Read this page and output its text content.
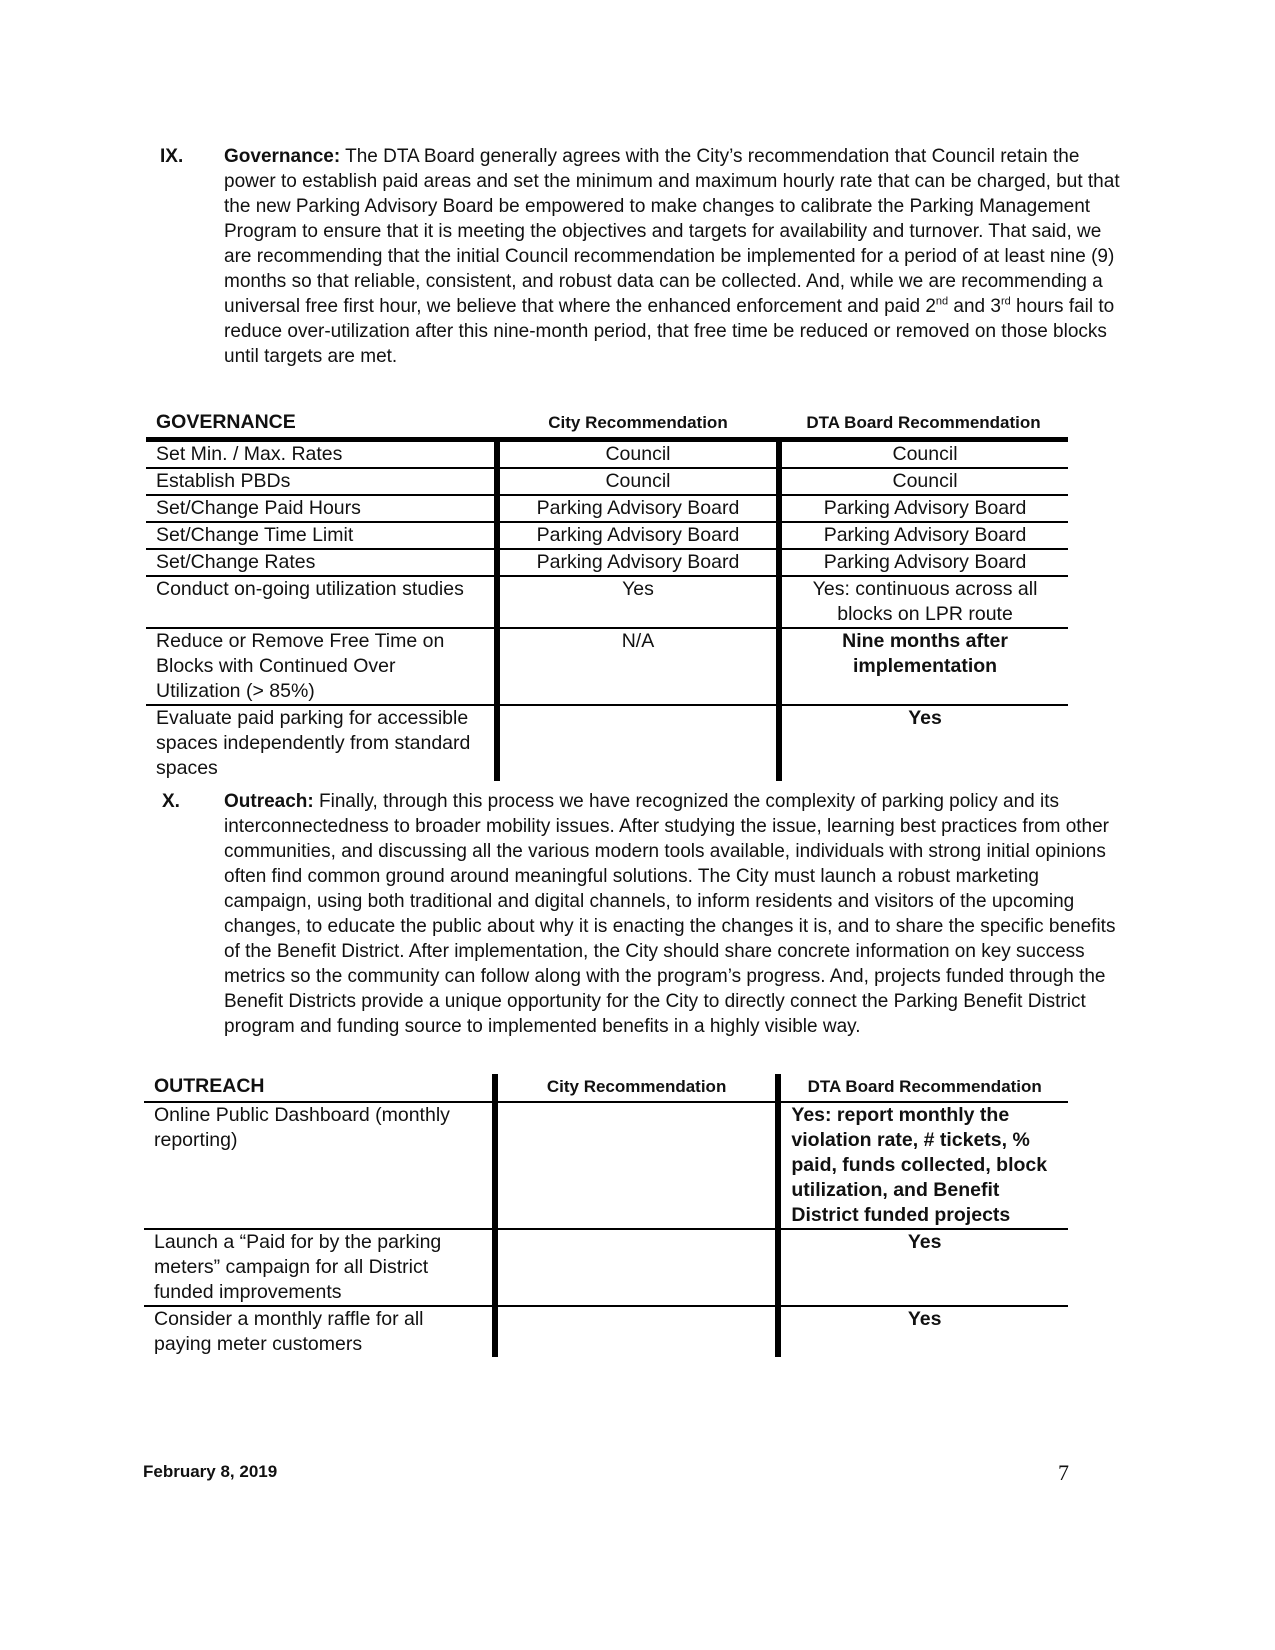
IX. Governance: The DTA Board generally agrees with the City’s recommendation that Council retain the power to establish paid areas and set the minimum and maximum hourly rate that can be charged, but that the new Parking Advisory Board be empowered to make changes to calibrate the Parking Management Program to ensure that it is meeting the objectives and targets for availability and turnover. That said, we are recommending that the initial Council recommendation be implemented for a period of at least nine (9) months so that reliable, consistent, and robust data can be collected. And, while we are recommending a universal free first hour, we believe that where the enhanced enforcement and paid 2nd and 3rd hours fail to reduce over-utilization after this nine-month period, that free time be reduced or removed on those blocks until targets are met.
GOVERNANCE	City Recommendation	DTA Board Recommendation
Set Min. / Max. Rates	Council	Council
Establish PBDs	Council	Council
Set/Change Paid Hours	Parking Advisory Board	Parking Advisory Board
Set/Change Time Limit	Parking Advisory Board	Parking Advisory Board
Set/Change Rates	Parking Advisory Board	Parking Advisory Board
Conduct on-going utilization studies	Yes	Yes: continuous across all blocks on LPR route
Reduce or Remove Free Time on Blocks with Continued Over Utilization (> 85%)	N/A	Nine months after implementation
Evaluate paid parking for accessible spaces independently from standard spaces		Yes
X. Outreach: Finally, through this process we have recognized the complexity of parking policy and its interconnectedness to broader mobility issues. After studying the issue, learning best practices from other communities, and discussing all the various modern tools available, individuals with strong initial opinions often find common ground around meaningful solutions. The City must launch a robust marketing campaign, using both traditional and digital channels, to inform residents and visitors of the upcoming changes, to educate the public about why it is enacting the changes it is, and to share the specific benefits of the Benefit District. After implementation, the City should share concrete information on key success metrics so the community can follow along with the program’s progress. And, projects funded through the Benefit Districts provide a unique opportunity for the City to directly connect the Parking Benefit District program and funding source to implemented benefits in a highly visible way.
OUTREACH	City Recommendation	DTA Board Recommendation
Online Public Dashboard (monthly reporting)		Yes: report monthly the violation rate, # tickets, % paid, funds collected, block utilization, and Benefit District funded projects
Launch a “Paid for by the parking meters” campaign for all District funded improvements		Yes
Consider a monthly raffle for all paying meter customers		Yes
February 8, 2019	7
